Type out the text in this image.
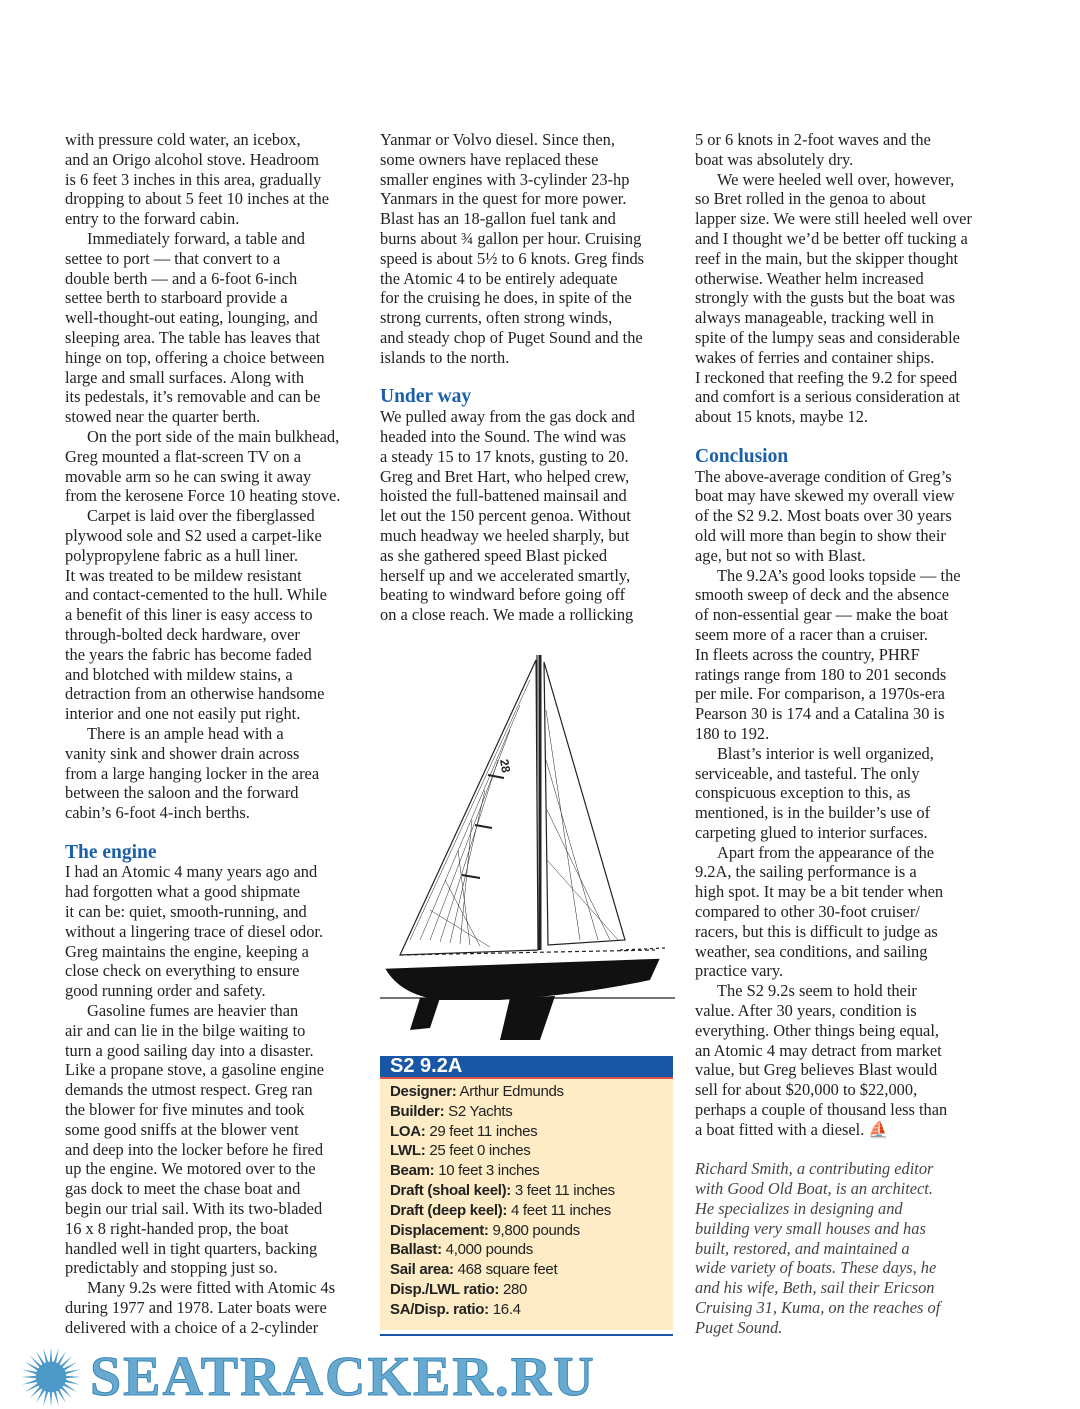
with pressure cold water, an icebox,
and an Origo alcohol stove. Headroom
is 6 feet 3 inches in this area, gradually
dropping to about 5 feet 10 inches at the
entry to the forward cabin.
Immediately forward, a table and
settee to port — that convert to a
double berth — and a 6-foot 6-inch
settee berth to starboard provide a
well-thought-out eating, lounging, and
sleeping area. The table has leaves that
hinge on top, offering a choice between
large and small surfaces. Along with
its pedestals, it’s removable and can be
stowed near the quarter berth.
On the port side of the main bulkhead,
Greg mounted a flat-screen TV on a
movable arm so he can swing it away
from the kerosene Force 10 heating stove.
Carpet is laid over the fiberglassed
plywood sole and S2 used a carpet-like
polypropylene fabric as a hull liner.
It was treated to be mildew resistant
and contact-cemented to the hull. While
a benefit of this liner is easy access to
through-bolted deck hardware, over
the years the fabric has become faded
and blotched with mildew stains, a
detraction from an otherwise handsome
interior and one not easily put right.
There is an ample head with a
vanity sink and shower drain across
from a large hanging locker in the area
between the saloon and the forward
cabin’s 6-foot 4-inch berths.
The engine
I had an Atomic 4 many years ago and
had forgotten what a good shipmate
it can be: quiet, smooth-running, and
without a lingering trace of diesel odor.
Greg maintains the engine, keeping a
close check on everything to ensure
good running order and safety.
Gasoline fumes are heavier than
air and can lie in the bilge waiting to
turn a good sailing day into a disaster.
Like a propane stove, a gasoline engine
demands the utmost respect. Greg ran
the blower for five minutes and took
some good sniffs at the blower vent
and deep into the locker before he fired
up the engine. We motored over to the
gas dock to meet the chase boat and
begin our trial sail. With its two-bladed
16 x 8 right-handed prop, the boat
handled well in tight quarters, backing
predictably and stopping just so.
Many 9.2s were fitted with Atomic 4s
during 1977 and 1978. Later boats were
delivered with a choice of a 2-cylinder
Yanmar or Volvo diesel. Since then,
some owners have replaced these
smaller engines with 3-cylinder 23-hp
Yanmars in the quest for more power.
Blast has an 18-gallon fuel tank and
burns about ¾ gallon per hour. Cruising
speed is about 5½ to 6 knots. Greg finds
the Atomic 4 to be entirely adequate
for the cruising he does, in spite of the
strong currents, often strong winds,
and steady chop of Puget Sound and the
islands to the north.
Under way
We pulled away from the gas dock and
headed into the Sound. The wind was
a steady 15 to 17 knots, gusting to 20.
Greg and Bret Hart, who helped crew,
hoisted the full-battened mainsail and
let out the 150 percent genoa. Without
much headway we heeled sharply, but
as she gathered speed Blast picked
herself up and we accelerated smartly,
beating to windward before going off
on a close reach. We made a rollicking
5 or 6 knots in 2-foot waves and the
boat was absolutely dry.
We were heeled well over, however,
so Bret rolled in the genoa to about
lapper size. We were still heeled well over
and I thought we’d be better off tucking a
reef in the main, but the skipper thought
otherwise. Weather helm increased
strongly with the gusts but the boat was
always manageable, tracking well in
spite of the lumpy seas and considerable
wakes of ferries and container ships.
I reckoned that reefing the 9.2 for speed
and comfort is a serious consideration at
about 15 knots, maybe 12.
Conclusion
The above-average condition of Greg’s
boat may have skewed my overall view
of the S2 9.2. Most boats over 30 years
old will more than begin to show their
age, but not so with Blast.
The 9.2A’s good looks topside — the
smooth sweep of deck and the absence
of non-essential gear — make the boat
seem more of a racer than a cruiser.
In fleets across the country, PHRF
ratings range from 180 to 201 seconds
per mile. For comparison, a 1970s-era
Pearson 30 is 174 and a Catalina 30 is
180 to 192.
Blast’s interior is well organized,
serviceable, and tasteful. The only
conspicuous exception to this, as
mentioned, is in the builder’s use of
carpeting glued to interior surfaces.
Apart from the appearance of the
9.2A, the sailing performance is a
high spot. It may be a bit tender when
compared to other 30-foot cruiser/
racers, but this is difficult to judge as
weather, sea conditions, and sailing
practice vary.
The S2 9.2s seem to hold their
value. After 30 years, condition is
everything. Other things being equal,
an Atomic 4 may detract from market
value, but Greg believes Blast would
sell for about $20,000 to $22,000,
perhaps a couple of thousand less than
a boat fitted with a diesel. ⛵
Richard Smith, a contributing editor
with Good Old Boat, is an architect.
He specializes in designing and
building very small houses and has
built, restored, and maintained a
wide variety of boats. These days, he
and his wife, Beth, sail their Ericson
Cruising 31, Kuma, on the reaches of
Puget Sound.
28
S2 9.2A
Designer: Arthur Edmunds
Builder: S2 Yachts
LOA: 29 feet 11 inches
LWL: 25 feet 0 inches
Beam: 10 feet 3 inches
Draft (shoal keel): 3 feet 11 inches
Draft (deep keel): 4 feet 11 inches
Displacement: 9,800 pounds
Ballast: 4,000 pounds
Sail area: 468 square feet
Disp./LWL ratio: 280
SA/Disp. ratio: 16.4
SEATRACKER.RU
